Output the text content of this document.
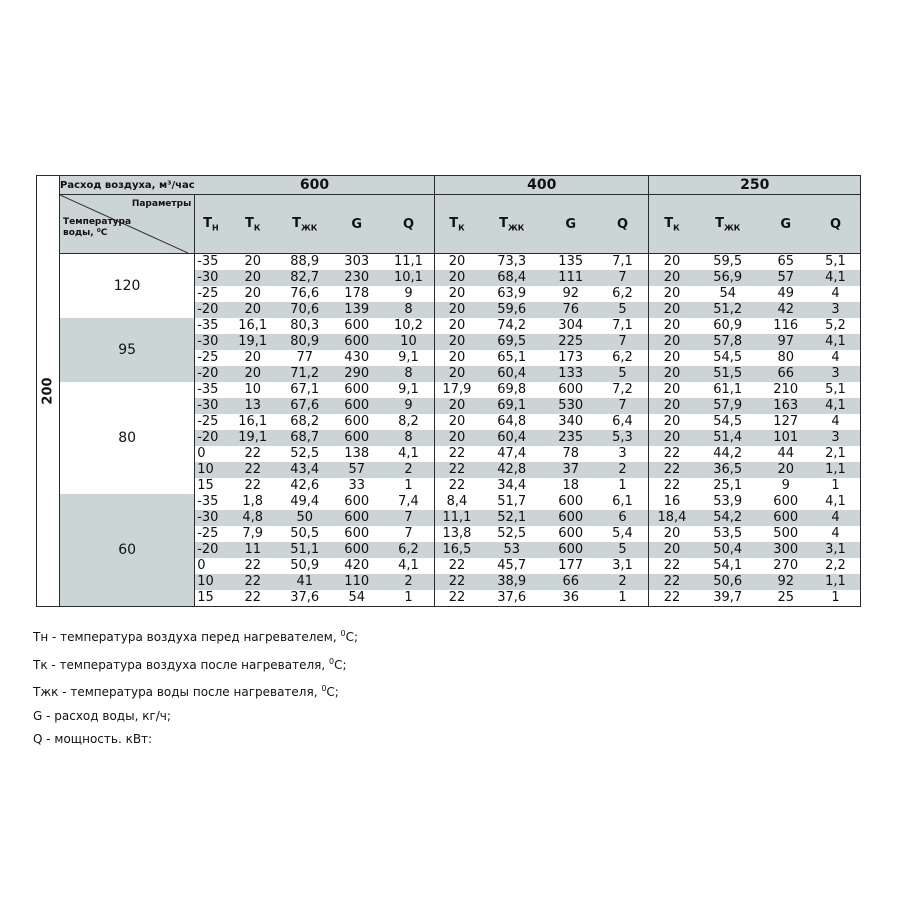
200	Расход воздуха, м³/час	600					400				250			

	Параметры
Температура
воды, ⁰С	$Т_Н$	$Т_К$	$Т_{ЖК}$	G	Q	$Т_К$	$Т_{ЖК}$	G	Q	$Т_К$	$Т_{ЖК}$	G	Q
	120	-35	20	88,9	303	11,1	20	73,3	135	7,1	20	59,5	65	5,1
		-30	20	82,7	230	10,1	20	68,4	111	7	20	56,9	57	4,1
		-25	20	76,6	178	9	20	63,9	92	6,2	20	54	49	4
		-20	20	70,6	139	8	20	59,6	76	5	20	51,2	42	3
	95	-35	16,1	80,3	600	10,2	20	74,2	304	7,1	20	60,9	116	5,2
		-30	19,1	80,9	600	10	20	69,5	225	7	20	57,8	97	4,1
		-25	20	77	430	9,1	20	65,1	173	6,2	20	54,5	80	4
		-20	20	71,2	290	8	20	60,4	133	5	20	51,5	66	3
	80	-35	10	67,1	600	9,1	17,9	69,8	600	7,2	20	61,1	210	5,1
		-30	13	67,6	600	9	20	69,1	530	7	20	57,9	163	4,1
		-25	16,1	68,2	600	8,2	20	64,8	340	6,4	20	54,5	127	4
		-20	19,1	68,7	600	8	20	60,4	235	5,3	20	51,4	101	3
		0	22	52,5	138	4,1	22	47,4	78	3	22	44,2	44	2,1
		10	22	43,4	57	2	22	42,8	37	2	22	36,5	20	1,1
		15	22	42,6	33	1	22	34,4	18	1	22	25,1	9	1
	60	-35	1,8	49,4	600	7,4	8,4	51,7	600	6,1	16	53,9	600	4,1
		-30	4,8	50	600	7	11,1	52,1	600	6	18,4	54,2	600	4
		-25	7,9	50,5	600	7	13,8	52,5	600	5,4	20	53,5	500	4
		-20	11	51,1	600	6,2	16,5	53	600	5	20	50,4	300	3,1
		0	22	50,9	420	4,1	22	45,7	177	3,1	22	54,1	270	2,2
		10	22	41	110	2	22	38,9	66	2	22	50,6	92	1,1
		15	22	37,6	54	1	22	37,6	36	1	22	39,7	25	1
Тн - температура воздуха перед нагревателем, $^0$С;
Тк - температура воздуха после нагревателя, $^0$С;
Тжк - температура воды после нагревателя, $^0$С;
G - расход воды, кг/ч;
Q - мощность. кВт:
